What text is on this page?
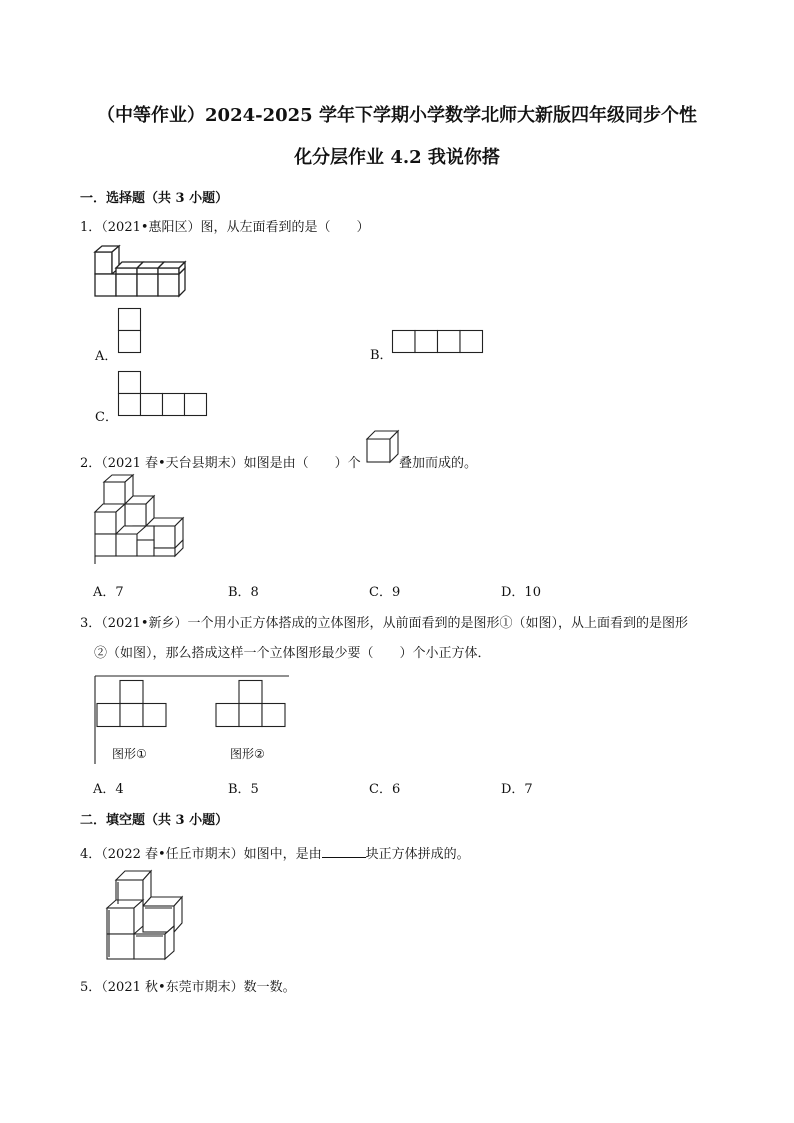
（中等作业）2024-2025 学年下学期小学数学北师大新版四年级同步个性
化分层作业 4.2 我说你搭
一．选择题（共 3 小题）
1．（2021•惠阳区）图，从左面看到的是（　　）
A．	B．
C．
2．（2021 春•天台县期末）如图是由（　　）个	叠加而成的。
A．7	B．8	C．9	D．10
3．（2021•新乡）一个用小正方体搭成的立体图形，从前面看到的是图形①（如图），从上面看到的是图形
②（如图），那么搭成这样一个立体图形最少要（　　）个小正方体．
图形①	图形②
A．4	B．5	C．6	D．7
二．填空题（共 3 小题）
4．（2022 春•任丘市期末）如图中，是由	块正方体拼成的。
5．（2021 秋•东莞市期末）数一数。
